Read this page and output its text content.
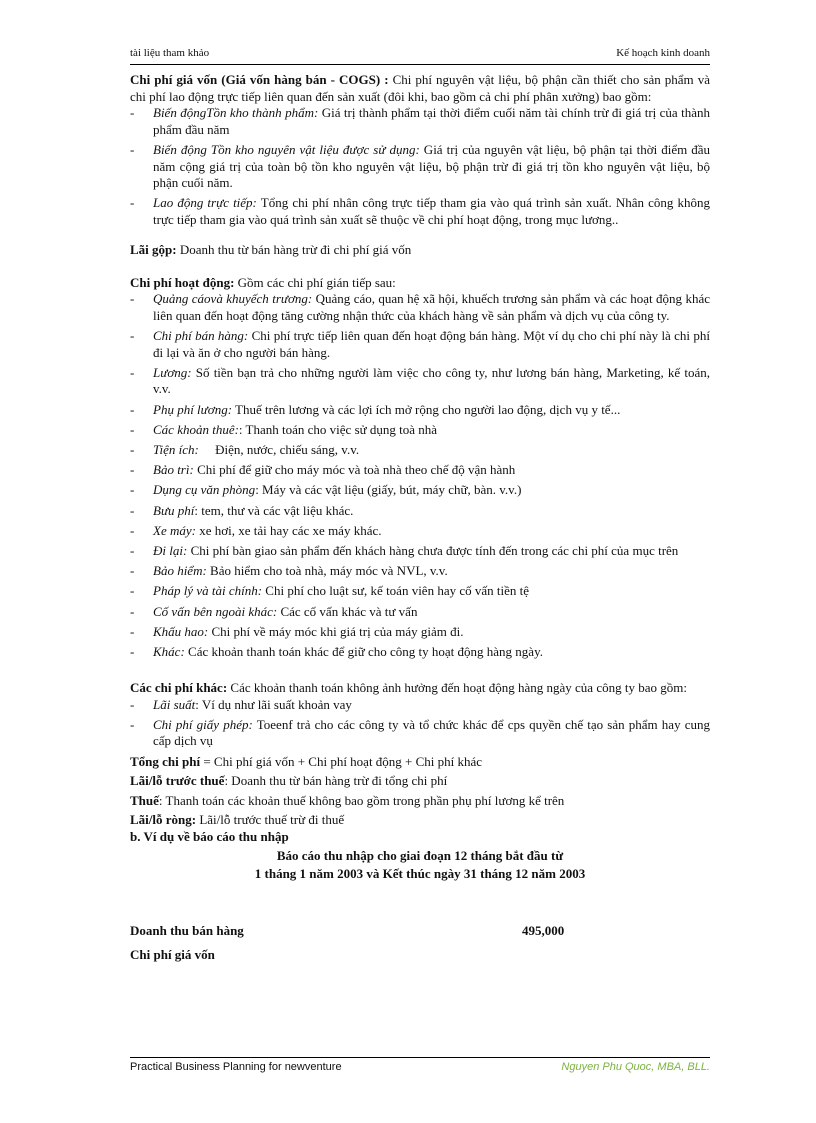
tài liệu tham khảo	Kế hoạch kinh doanh

Chi phí giá vốn (Giá vốn hàng bán - COGS) : Chi phí nguyên vật liệu, bộ phận cần thiết cho sản phẩm và chi phí lao động trực tiếp liên quan đến sản xuất (đôi khi, bao gồm cả chi phí phân xưởng) bao gồm:

- Biến độngTồn kho thành phẩm: Giá trị thành phẩm tại thời điểm cuối năm tài chính trừ đi giá trị của thành phẩm đầu năm
- Biến động Tồn kho nguyên vật liệu được sử dụng: Giá trị của nguyên vật liệu, bộ phận tại thời điểm đầu năm cộng giá trị của toàn bộ tồn kho nguyên vật liệu, bộ phận trừ đi giá trị tồn kho nguyên vật liệu, bộ phận cuối năm.
- Lao động trực tiếp: Tổng chi phí nhân công trực tiếp tham gia vào quá trình sản xuất. Nhân công không trực tiếp tham gia vào quá trình sản xuất sẽ thuộc về chi phí hoạt động, trong mục lương..

Lãi gộp: Doanh thu từ bán hàng trừ đi chi phí giá vốn

Chi phí hoạt động: Gồm các chi phí gián tiếp sau:

- Quảng cáovà khuyếch trương: Quảng cáo, quan hệ xã hội, khuếch trương sản phẩm và các hoạt động khác liên quan đến hoạt động tăng cường nhận thức của khách hàng về sản phẩm và dịch vụ của công ty.
- Chi phí bán hàng: Chi phí trực tiếp liên quan đến hoạt động bán hàng. Một ví dụ cho chi phí này là chi phí đi lại và ăn ở cho người bán hàng.
- Lương: Số tiền bạn trả cho những người làm việc cho công ty, như lương bán hàng, Marketing, kế toán, v.v.
- Phụ phí lương: Thuế trên lương và các lợi ích mở rộng cho người lao động, dịch vụ y tế...
- Các khoản thuê:: Thanh toán cho việc sử dụng toà nhà
- Tiện ích:     Điện, nước, chiếu sáng, v.v.
- Bảo trì: Chi phí để giữ cho máy móc và toà nhà theo chế độ vận hành
- Dụng cụ văn phòng: Máy và các vật liệu (giấy, bút, máy chữ, bàn. v.v.)
- Bưu phí: tem, thư và các vật liệu khác.
- Xe máy: xe hơi, xe tải hay các xe máy khác.
- Đi lại: Chi phí bàn giao sản phẩm đến khách hàng chưa được tính đến trong các chi phí của mục trên
- Bảo hiểm: Bảo hiểm cho toà nhà, máy móc và NVL, v.v.
- Pháp lý và tài chính: Chi phí cho luật sư, kế toán viên hay cố vấn tiền tệ
- Cố vấn bên ngoài khác: Các cố vấn khác và tư vấn
- Khấu hao: Chi phí về máy móc khi giá trị của máy giảm đi.
- Khác: Các khoản thanh toán khác để giữ cho công ty hoạt động hàng ngày.

Các chi phí khác: Các khoản thanh toán không ảnh hưởng đến hoạt động hàng ngày của công ty bao gồm:

- Lãi suất: Ví dụ như lãi suất khoản vay
- Chi phí giấy phép: Toeenf trả cho các công ty và tổ chức khác để cps quyền chế tạo sản phẩm hay cung cấp dịch vụ

Tổng chi phí = Chi phí giá vốn + Chi phí hoạt động + Chi phí khác

Lãi/lỗ trước thuế: Doanh thu từ bán hàng trừ đi tổng chi phí

Thuế: Thanh toán các khoản thuế không bao gồm trong phần phụ phí lương kể trên

Lãi/lỗ ròng: Lãi/lỗ trước thuế trừ đi thuế

b. Ví dụ về báo cáo thu nhập

Báo cáo thu nhập cho giai đoạn 12 tháng bắt đầu từ
1 tháng 1 năm 2003 và Kết thúc ngày 31 tháng 12 năm 2003
Doanh thu bán hàng	495,000
Chi phí giá vốn
Practical Business Planning for newventure	Nguyen Phu Quoc, MBA, BLL.
